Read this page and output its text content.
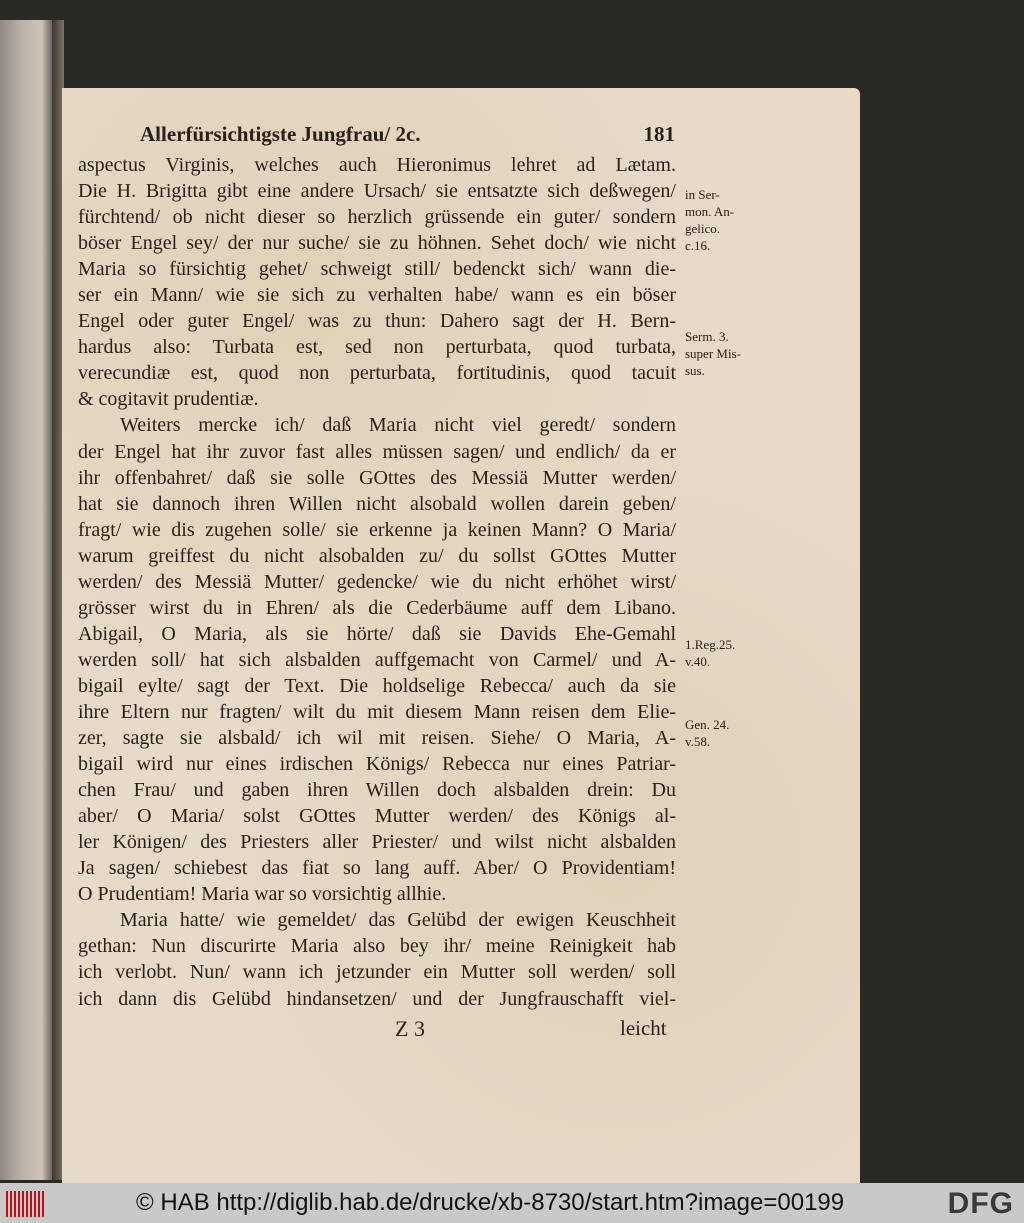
Allerfürsichtigste Jungfrau/ 2c.	181
aspectus Virginis, welches auch Hieronimus lehret ad Lætam.
Die H. Brigitta gibt eine andere Ursach/ sie entsatzte sich deßwegen/
fürchtend/ ob nicht dieser so herzlich grüssende ein guter/ sondern
böser Engel sey/ der nur suche/ sie zu höhnen. Sehet doch/ wie nicht
Maria so fürsichtig gehet/ schweigt still/ bedenckt sich/ wann die-
ser ein Mann/ wie sie sich zu verhalten habe/ wann es ein böser
Engel oder guter Engel/ was zu thun: Dahero sagt der H. Bern-
hardus also: Turbata est, sed non perturbata, quod turbata,
verecundiæ est, quod non perturbata, fortitudinis, quod tacuit
& cogitavit prudentiæ.
Weiters mercke ich/ daß Maria nicht viel geredt/ sondern
der Engel hat ihr zuvor fast alles müssen sagen/ und endlich/ da er
ihr offenbahret/ daß sie solle GOttes des Messiä Mutter werden/
hat sie dannoch ihren Willen nicht alsobald wollen darein geben/
fragt/ wie dis zugehen solle/ sie erkenne ja keinen Mann? O Maria/
warum greiffest du nicht alsobalden zu/ du sollst GOttes Mutter
werden/ des Messiä Mutter/ gedencke/ wie du nicht erhöhet wirst/
grösser wirst du in Ehren/ als die Cederbäume auff dem Libano.
Abigail, O Maria, als sie hörte/ daß sie Davids Ehe-Gemahl
werden soll/ hat sich alsbalden auffgemacht von Carmel/ und A-
bigail eylte/ sagt der Text. Die holdselige Rebecca/ auch da sie
ihre Eltern nur fragten/ wilt du mit diesem Mann reisen dem Elie-
zer, sagte sie alsbald/ ich wil mit reisen. Siehe/ O Maria, A-
bigail wird nur eines irdischen Königs/ Rebecca nur eines Patriar-
chen Frau/ und gaben ihren Willen doch alsbalden drein: Du
aber/ O Maria/ solst GOttes Mutter werden/ des Königs al-
ler Königen/ des Priesters aller Priester/ und wilst nicht alsbalden
Ja sagen/ schiebest das fiat so lang auff. Aber/ O Providentiam!
O Prudentiam! Maria war so vorsichtig allhie.
Maria hatte/ wie gemeldet/ das Gelübd der ewigen Keuschheit
gethan: Nun discurirte Maria also bey ihr/ meine Reinigkeit hab
ich verlobt. Nun/ wann ich jetzunder ein Mutter soll werden/ soll
ich dann dis Gelübd hindansetzen/ und der Jungfrauschafft viel-
in Ser-
mon. An-
gelico.
c.16.
Serm. 3.
super Mis-
sus.
1.Reg.25.
v.40.
Gen. 24.
v.58.
Z 3	leicht
© HAB http://diglib.hab.de/drucke/xb-8730/start.htm?image=00199	DFG
